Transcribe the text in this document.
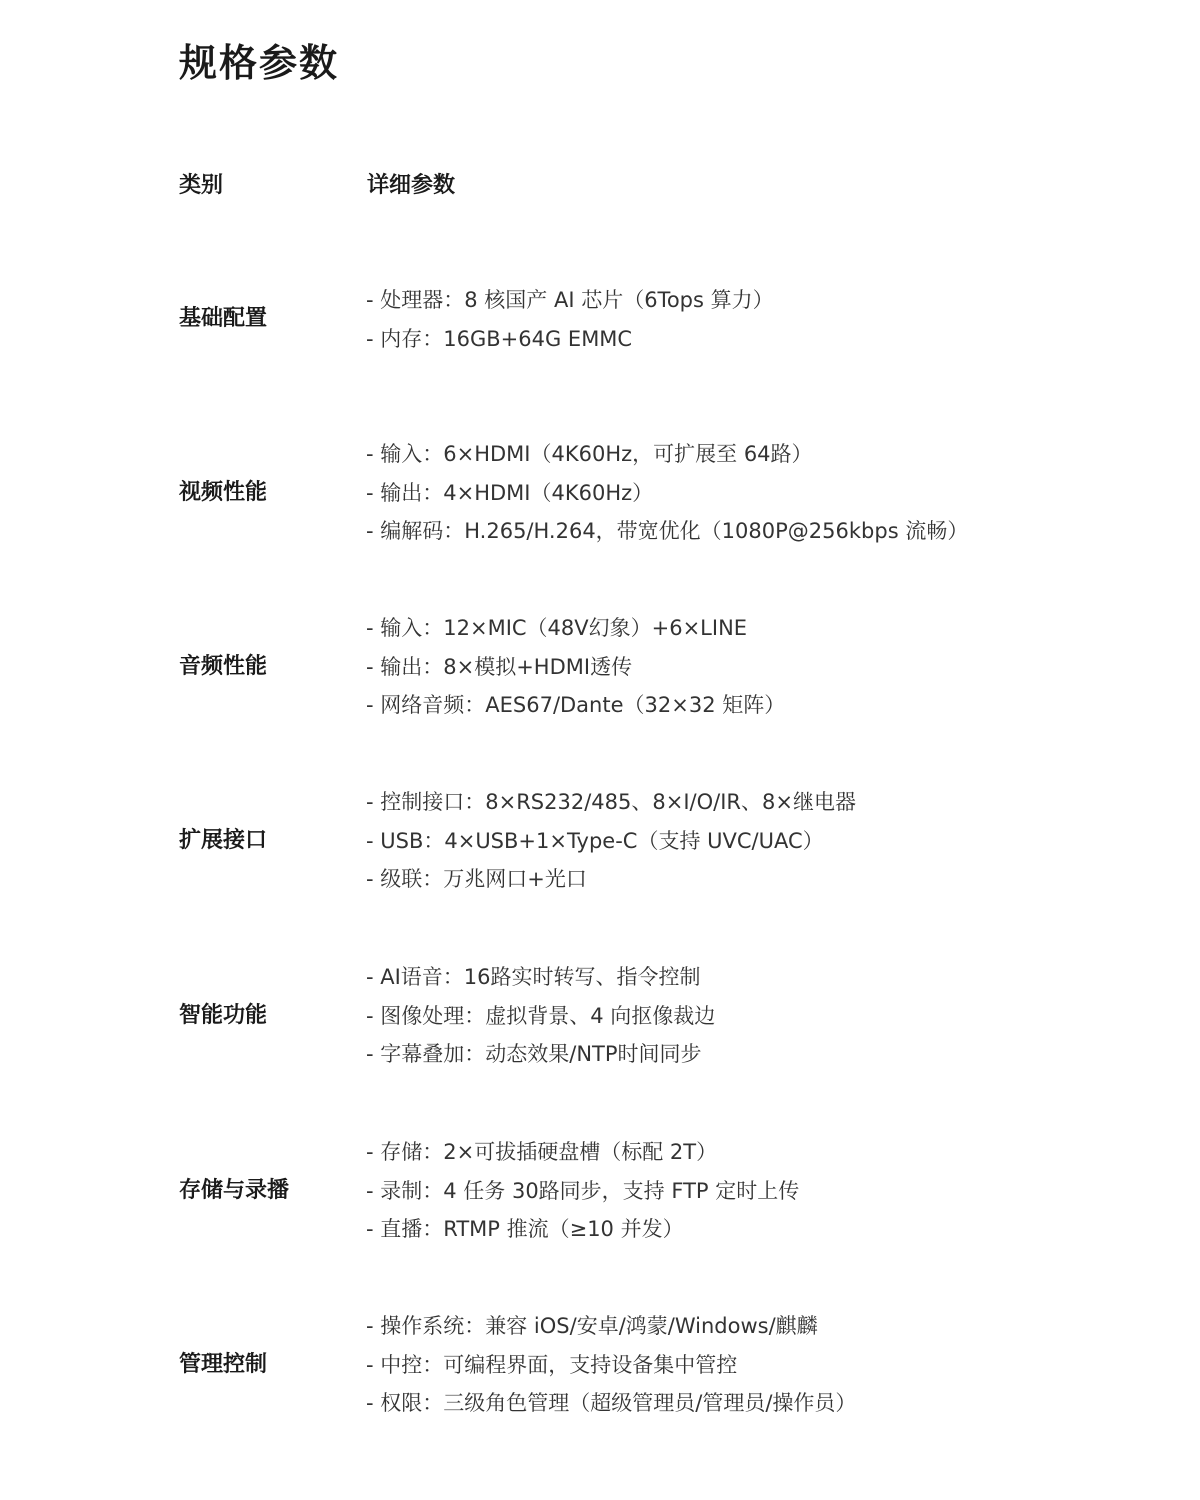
规格参数
类别	详细参数
基础配置
- 处理器：8 核国产 AI 芯片（6Tops 算力）
- 内存：16GB+64G EMMC
视频性能
- 输入：6×HDMI（4K60Hz，可扩展至 64路）
- 输出：4×HDMI（4K60Hz）
- 编解码：H.265/H.264，带宽优化（1080P@256kbps 流畅）
音频性能
- 输入：12×MIC（48V幻象）+6×LINE
- 输出：8×模拟+HDMI透传
- 网络音频：AES67/Dante（32×32 矩阵）
扩展接口
- 控制接口：8×RS232/485、8×I/O/IR、8×继电器
- USB：4×USB+1×Type-C（支持 UVC/UAC）
- 级联：万兆网口+光口
智能功能
- AI语音：16路实时转写、指令控制
- 图像处理：虚拟背景、4 向抠像裁边
- 字幕叠加：动态效果/NTP时间同步
存储与录播
- 存储：2×可拔插硬盘槽（标配 2T）
- 录制：4 任务 30路同步，支持 FTP 定时上传
- 直播：RTMP 推流（≥10 并发）
管理控制
- 操作系统：兼容 iOS/安卓/鸿蒙/Windows/麒麟
- 中控：可编程界面，支持设备集中管控
- 权限：三级角色管理（超级管理员/管理员/操作员）
